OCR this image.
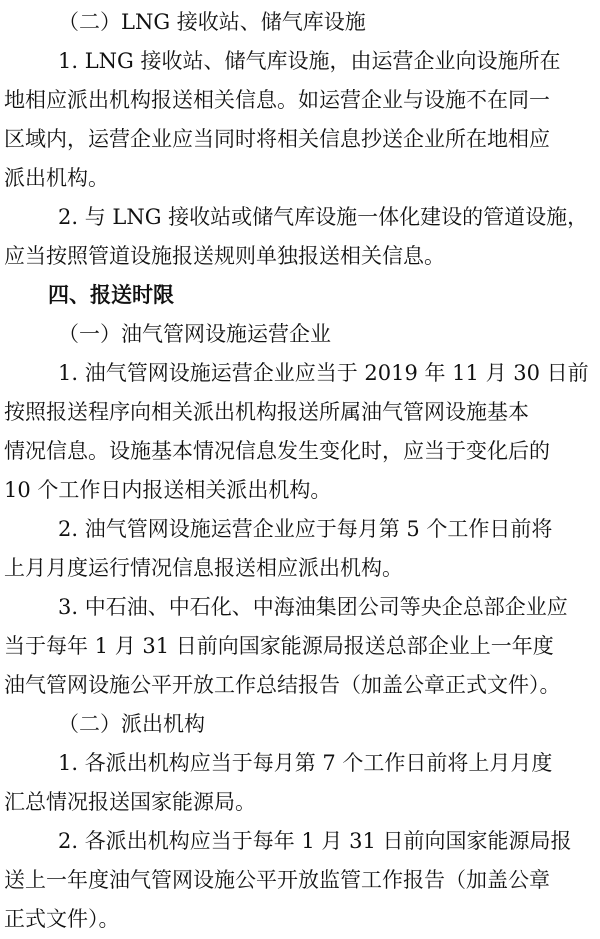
（二）LNG 接收站、储气库设施
1. LNG 接收站、储气库设施，由运营企业向设施所在
地相应派出机构报送相关信息。如运营企业与设施不在同一
区域内，运营企业应当同时将相关信息抄送企业所在地相应
派出机构。
2. 与 LNG 接收站或储气库设施一体化建设的管道设施，
应当按照管道设施报送规则单独报送相关信息。
四、报送时限
（一）油气管网设施运营企业
1. 油气管网设施运营企业应当于 2019 年 11 月 30 日前
按照报送程序向相关派出机构报送所属油气管网设施基本
情况信息。设施基本情况信息发生变化时，应当于变化后的
10 个工作日内报送相关派出机构。
2. 油气管网设施运营企业应于每月第 5 个工作日前将
上月月度运行情况信息报送相应派出机构。
3. 中石油、中石化、中海油集团公司等央企总部企业应
当于每年 1 月 31 日前向国家能源局报送总部企业上一年度
油气管网设施公平开放工作总结报告（加盖公章正式文件）。
（二）派出机构
1. 各派出机构应当于每月第 7 个工作日前将上月月度
汇总情况报送国家能源局。
2. 各派出机构应当于每年 1 月 31 日前向国家能源局报
送上一年度油气管网设施公平开放监管工作报告（加盖公章
正式文件）。
